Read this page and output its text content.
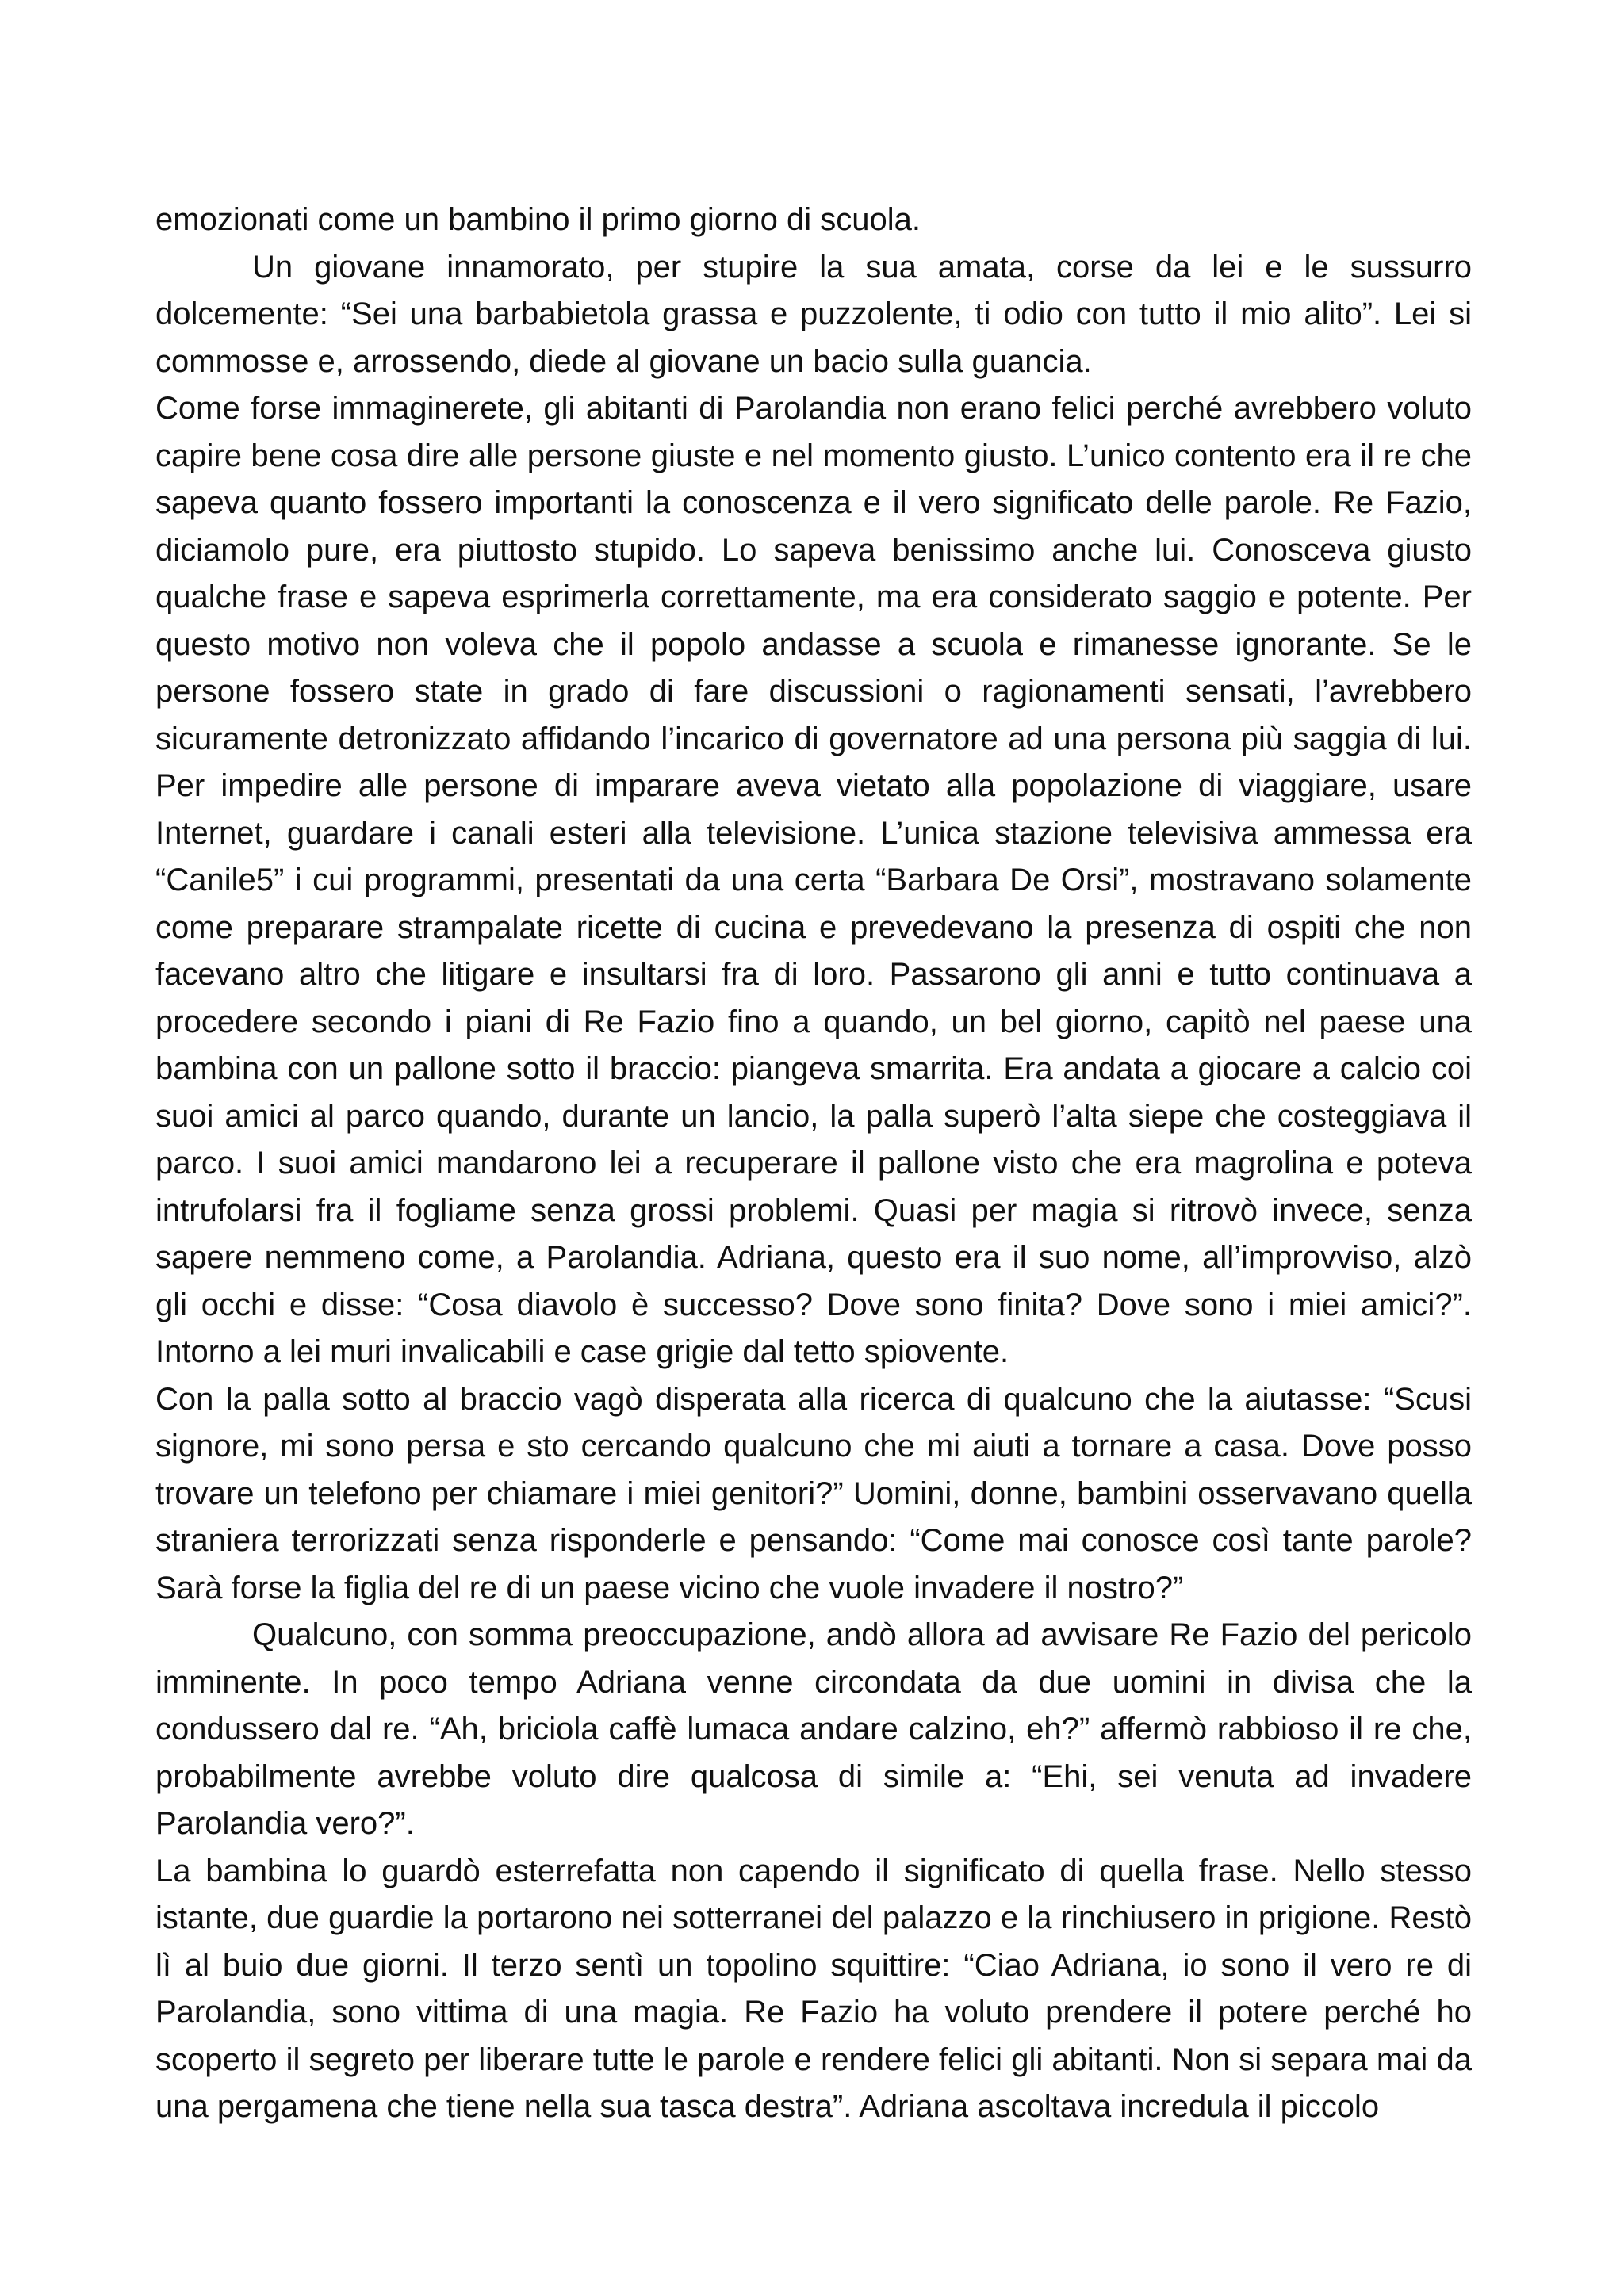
emozionati come un bambino il primo giorno di scuola.

Un giovane innamorato, per stupire la sua amata, corse da lei e le sussurro dolcemente: “Sei una barbabietola grassa e puzzolente, ti odio con tutto il mio alito”. Lei si commosse e, arrossendo, diede al giovane un bacio sulla guancia.

Come forse immaginerete, gli abitanti di Parolandia non erano felici perché avrebbero voluto capire bene cosa dire alle persone giuste e nel momento giusto. L’unico contento era il re che sapeva quanto fossero importanti la conoscenza e il vero significato delle parole. Re Fazio, diciamolo pure, era piuttosto stupido. Lo sapeva benissimo anche lui. Conosceva giusto qualche frase e sapeva esprimerla correttamente, ma era considerato saggio e potente. Per questo motivo non voleva che il popolo andasse a scuola e rimanesse ignorante. Se le persone fossero state in grado di fare discussioni o ragionamenti sensati, l’avrebbero sicuramente detronizzato affidando l’incarico di governatore ad una persona più saggia di lui. Per impedire alle persone di imparare aveva vietato alla popolazione di viaggiare, usare Internet, guardare i canali esteri alla televisione. L’unica stazione televisiva ammessa era “Canile5” i cui programmi, presentati da una certa “Barbara De Orsi”, mostravano solamente come preparare strampalate ricette di cucina e prevedevano la presenza di ospiti che non facevano altro che litigare e insultarsi fra di loro. Passarono gli anni e tutto continuava a procedere secondo i piani di Re Fazio fino a quando, un bel giorno, capitò nel paese una bambina con un pallone sotto il braccio: piangeva smarrita. Era andata a giocare a calcio coi suoi amici al parco quando, durante un lancio, la palla superò l’alta siepe che costeggiava il parco. I suoi amici mandarono lei a recuperare il pallone visto che era magrolina e poteva intrufolarsi fra il fogliame senza grossi problemi. Quasi per magia si ritrovò invece, senza sapere nemmeno come, a Parolandia. Adriana, questo era il suo nome, all’improvviso, alzò gli occhi e disse: “Cosa diavolo è successo? Dove sono finita? Dove sono i miei amici?”. Intorno a lei muri invalicabili e case grigie dal tetto spiovente.

Con la palla sotto al braccio vagò disperata alla ricerca di qualcuno che la aiutasse: “Scusi signore, mi sono persa e sto cercando qualcuno che mi aiuti a tornare a casa. Dove posso trovare un telefono per chiamare i miei genitori?” Uomini, donne, bambini osservavano quella straniera terrorizzati senza risponderle e pensando: “Come mai conosce così tante parole? Sarà forse la figlia del re di un paese vicino che vuole invadere il nostro?”

Qualcuno, con somma preoccupazione, andò allora ad avvisare Re Fazio del pericolo imminente. In poco tempo Adriana venne circondata da due uomini in divisa che la condussero dal re. “Ah, briciola caffè lumaca andare calzino, eh?” affermò rabbioso il re che, probabilmente avrebbe voluto dire qualcosa di simile a: “Ehi, sei venuta ad invadere Parolandia vero?”.

La bambina lo guardò esterrefatta non capendo il significato di quella frase. Nello stesso istante, due guardie la portarono nei sotterranei del palazzo e la rinchiusero in prigione. Restò lì al buio due giorni. Il terzo sentì un topolino squittire: “Ciao Adriana, io sono il vero re di Parolandia, sono vittima di una magia. Re Fazio ha voluto prendere il potere perché ho scoperto il segreto per liberare tutte le parole e rendere felici gli abitanti. Non si separa mai da una pergamena che tiene nella sua tasca destra”. Adriana ascoltava incredula il piccolo
